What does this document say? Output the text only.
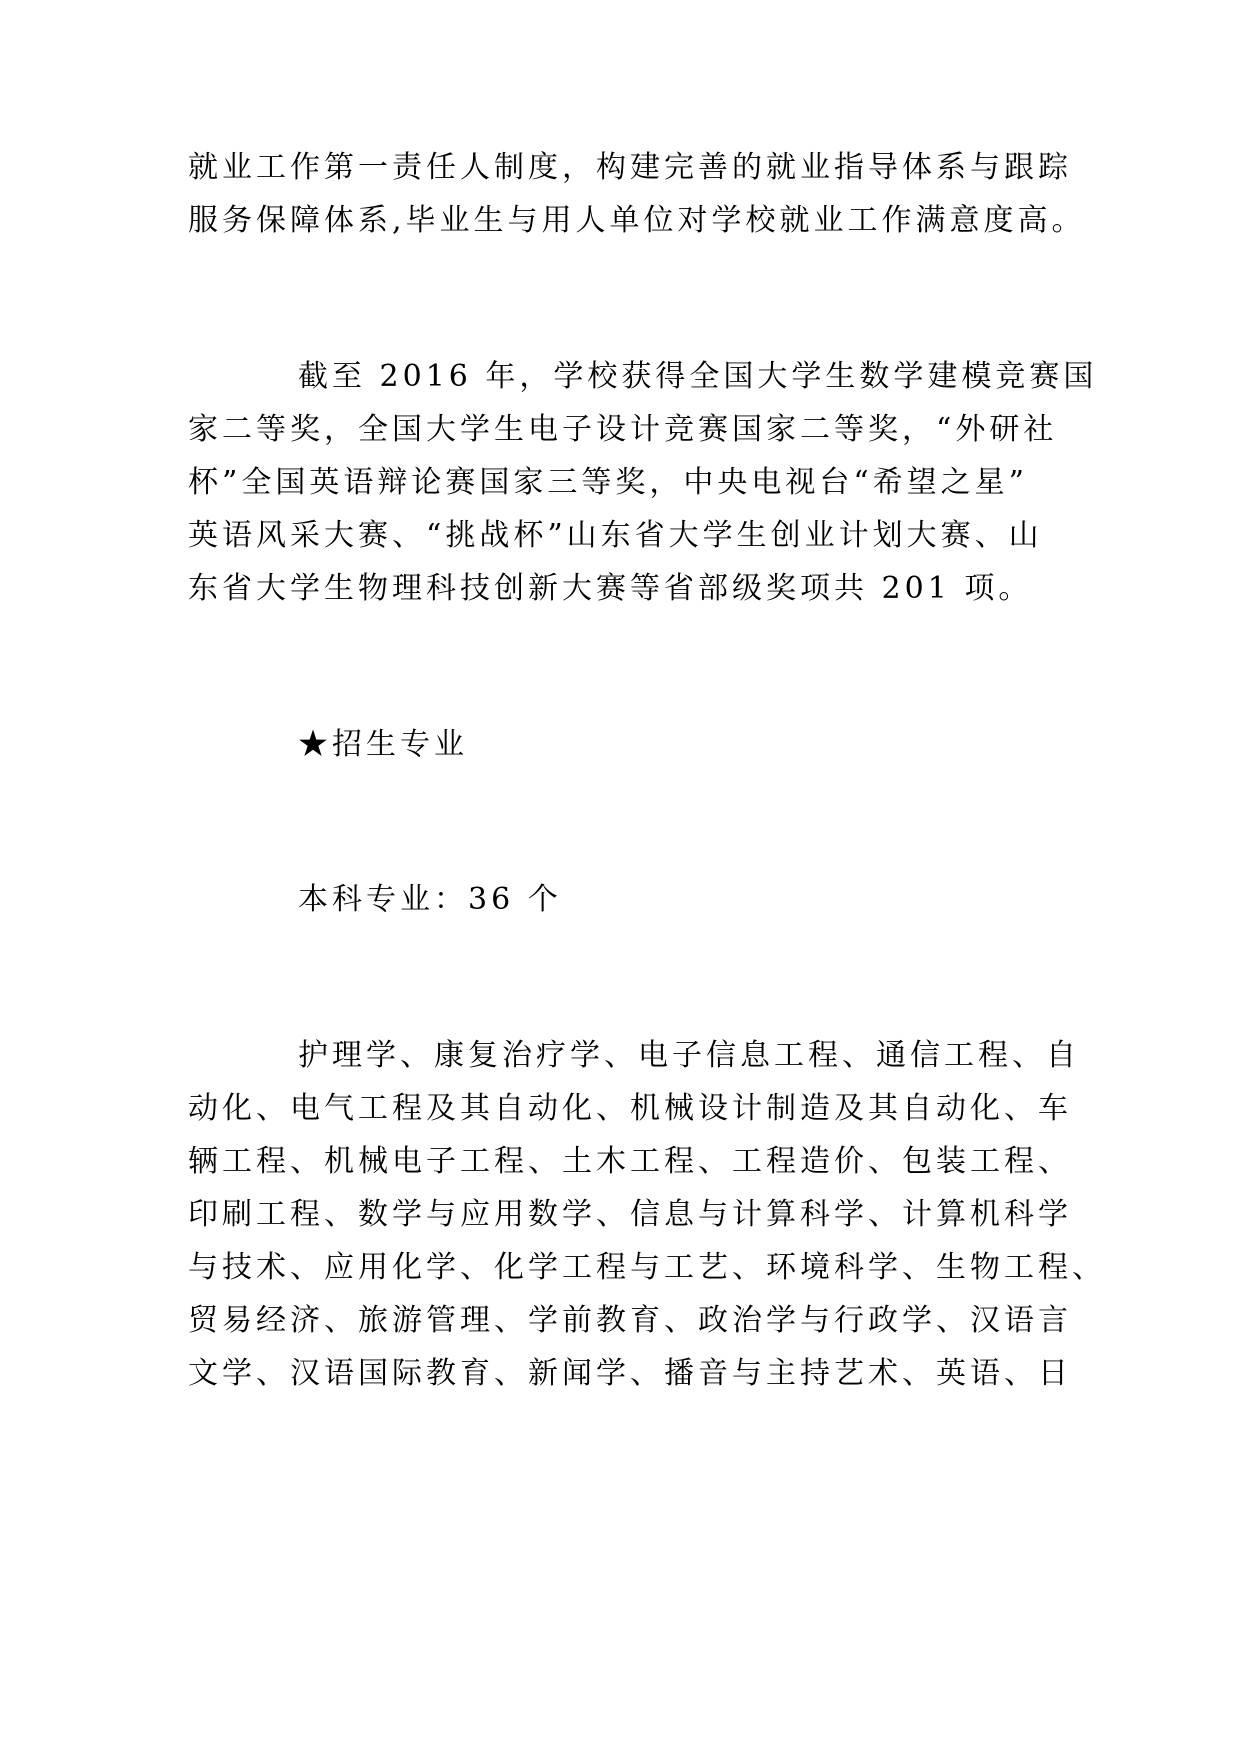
就业工作第一责任人制度，构建完善的就业指导体系与跟踪
服务保障体系,毕业生与用人单位对学校就业工作满意度高。
截至 2016 年，学校获得全国大学生数学建模竞赛国
家二等奖，全国大学生电子设计竞赛国家二等奖，“外研社
杯”全国英语辩论赛国家三等奖，中央电视台“希望之星”
英语风采大赛、“挑战杯”山东省大学生创业计划大赛、山
东省大学生物理科技创新大赛等省部级奖项共 201 项。
★招生专业
本科专业：36 个
护理学、康复治疗学、电子信息工程、通信工程、自
动化、电气工程及其自动化、机械设计制造及其自动化、车
辆工程、机械电子工程、土木工程、工程造价、包装工程、
印刷工程、数学与应用数学、信息与计算科学、计算机科学
与技术、应用化学、化学工程与工艺、环境科学、生物工程、
贸易经济、旅游管理、学前教育、政治学与行政学、汉语言
文学、汉语国际教育、新闻学、播音与主持艺术、英语、日
